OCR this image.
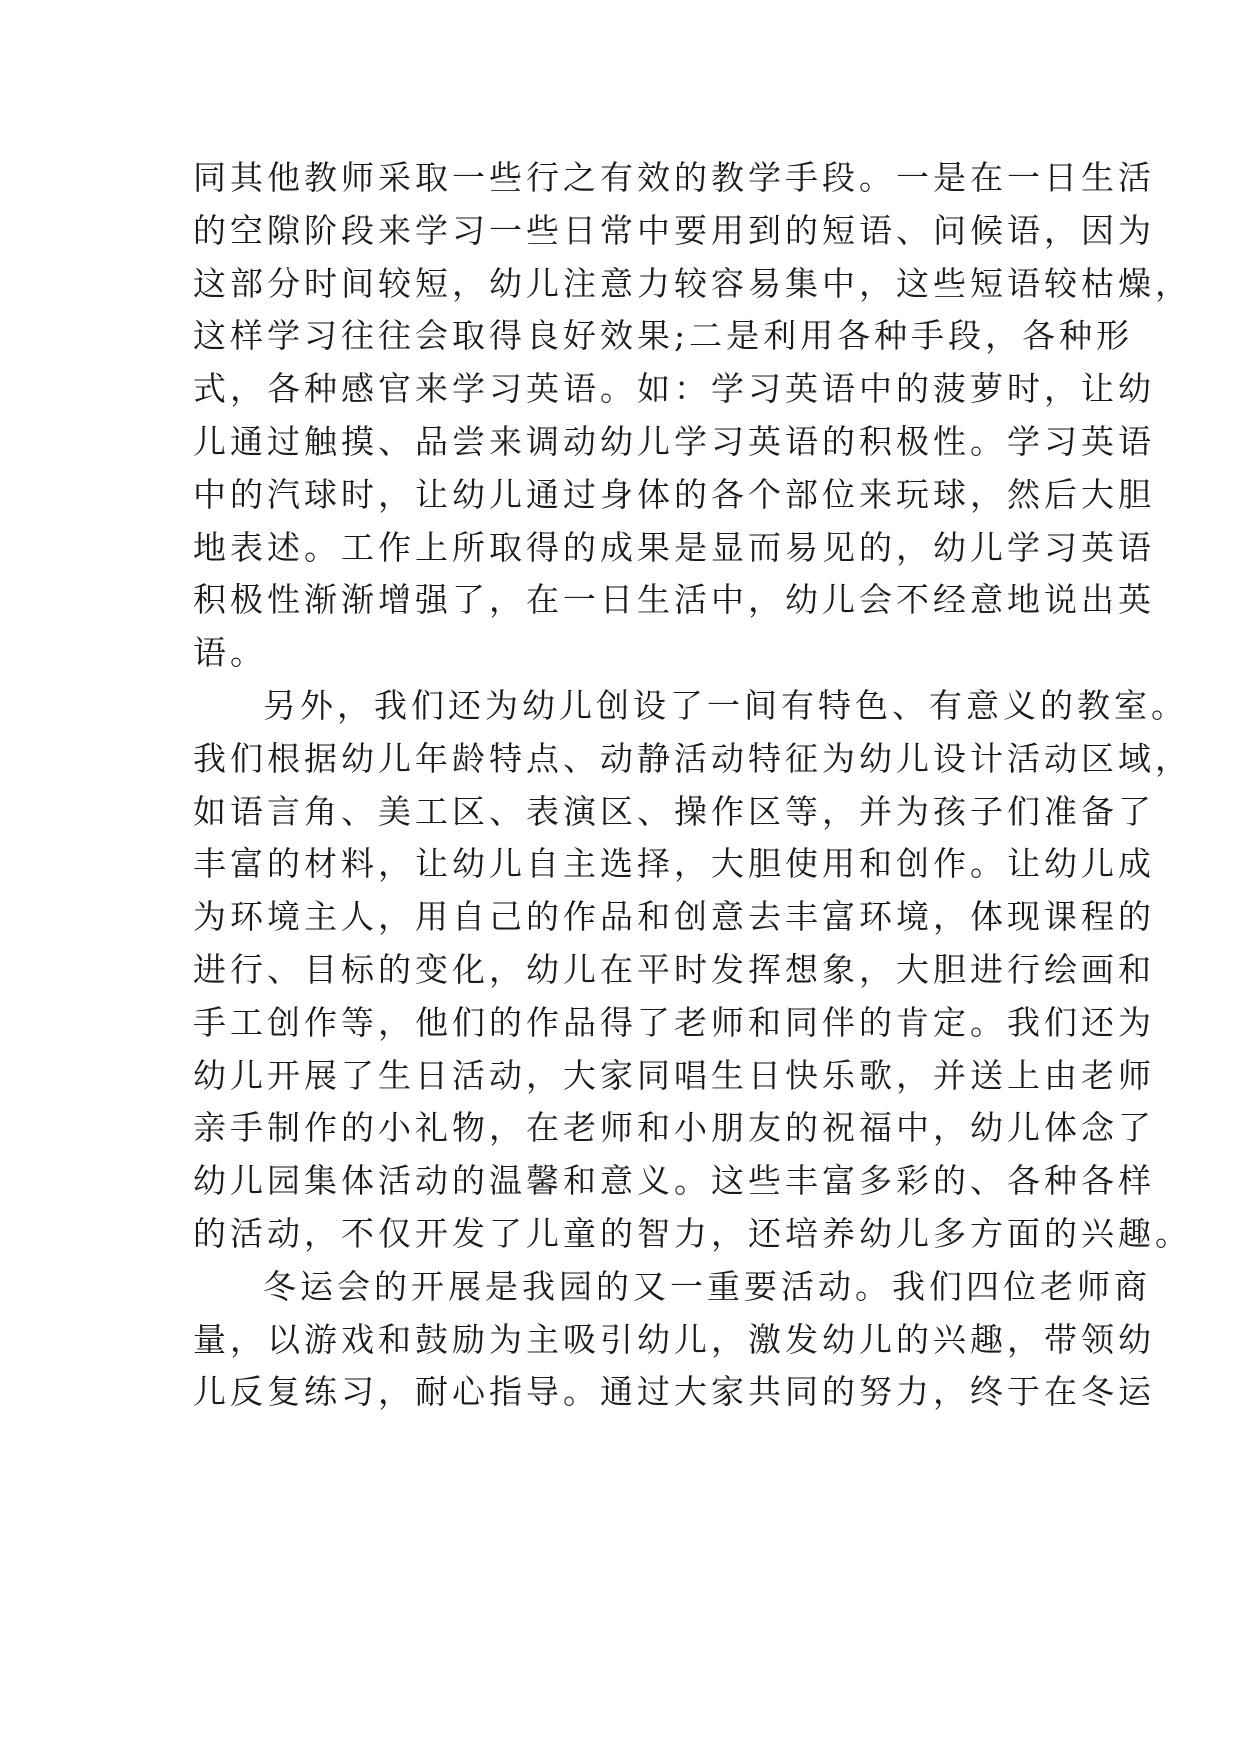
同其他教师采取一些行之有效的教学手段。一是在一日生活
的空隙阶段来学习一些日常中要用到的短语、问候语，因为
这部分时间较短，幼儿注意力较容易集中，这些短语较枯燥，
这样学习往往会取得良好效果;二是利用各种手段，各种形
式，各种感官来学习英语。如：学习英语中的菠萝时，让幼
儿通过触摸、品尝来调动幼儿学习英语的积极性。学习英语
中的汽球时，让幼儿通过身体的各个部位来玩球，然后大胆
地表述。工作上所取得的成果是显而易见的，幼儿学习英语
积极性渐渐增强了，在一日生活中，幼儿会不经意地说出英
语。
另外，我们还为幼儿创设了一间有特色、有意义的教室。
我们根据幼儿年龄特点、动静活动特征为幼儿设计活动区域，
如语言角、美工区、表演区、操作区等，并为孩子们准备了
丰富的材料，让幼儿自主选择，大胆使用和创作。让幼儿成
为环境主人，用自己的作品和创意去丰富环境，体现课程的
进行、目标的变化，幼儿在平时发挥想象，大胆进行绘画和
手工创作等，他们的作品得了老师和同伴的肯定。我们还为
幼儿开展了生日活动，大家同唱生日快乐歌，并送上由老师
亲手制作的小礼物，在老师和小朋友的祝福中，幼儿体念了
幼儿园集体活动的温馨和意义。这些丰富多彩的、各种各样
的活动，不仅开发了儿童的智力，还培养幼儿多方面的兴趣。
冬运会的开展是我园的又一重要活动。我们四位老师商
量，以游戏和鼓励为主吸引幼儿，激发幼儿的兴趣，带领幼
儿反复练习，耐心指导。通过大家共同的努力，终于在冬运
